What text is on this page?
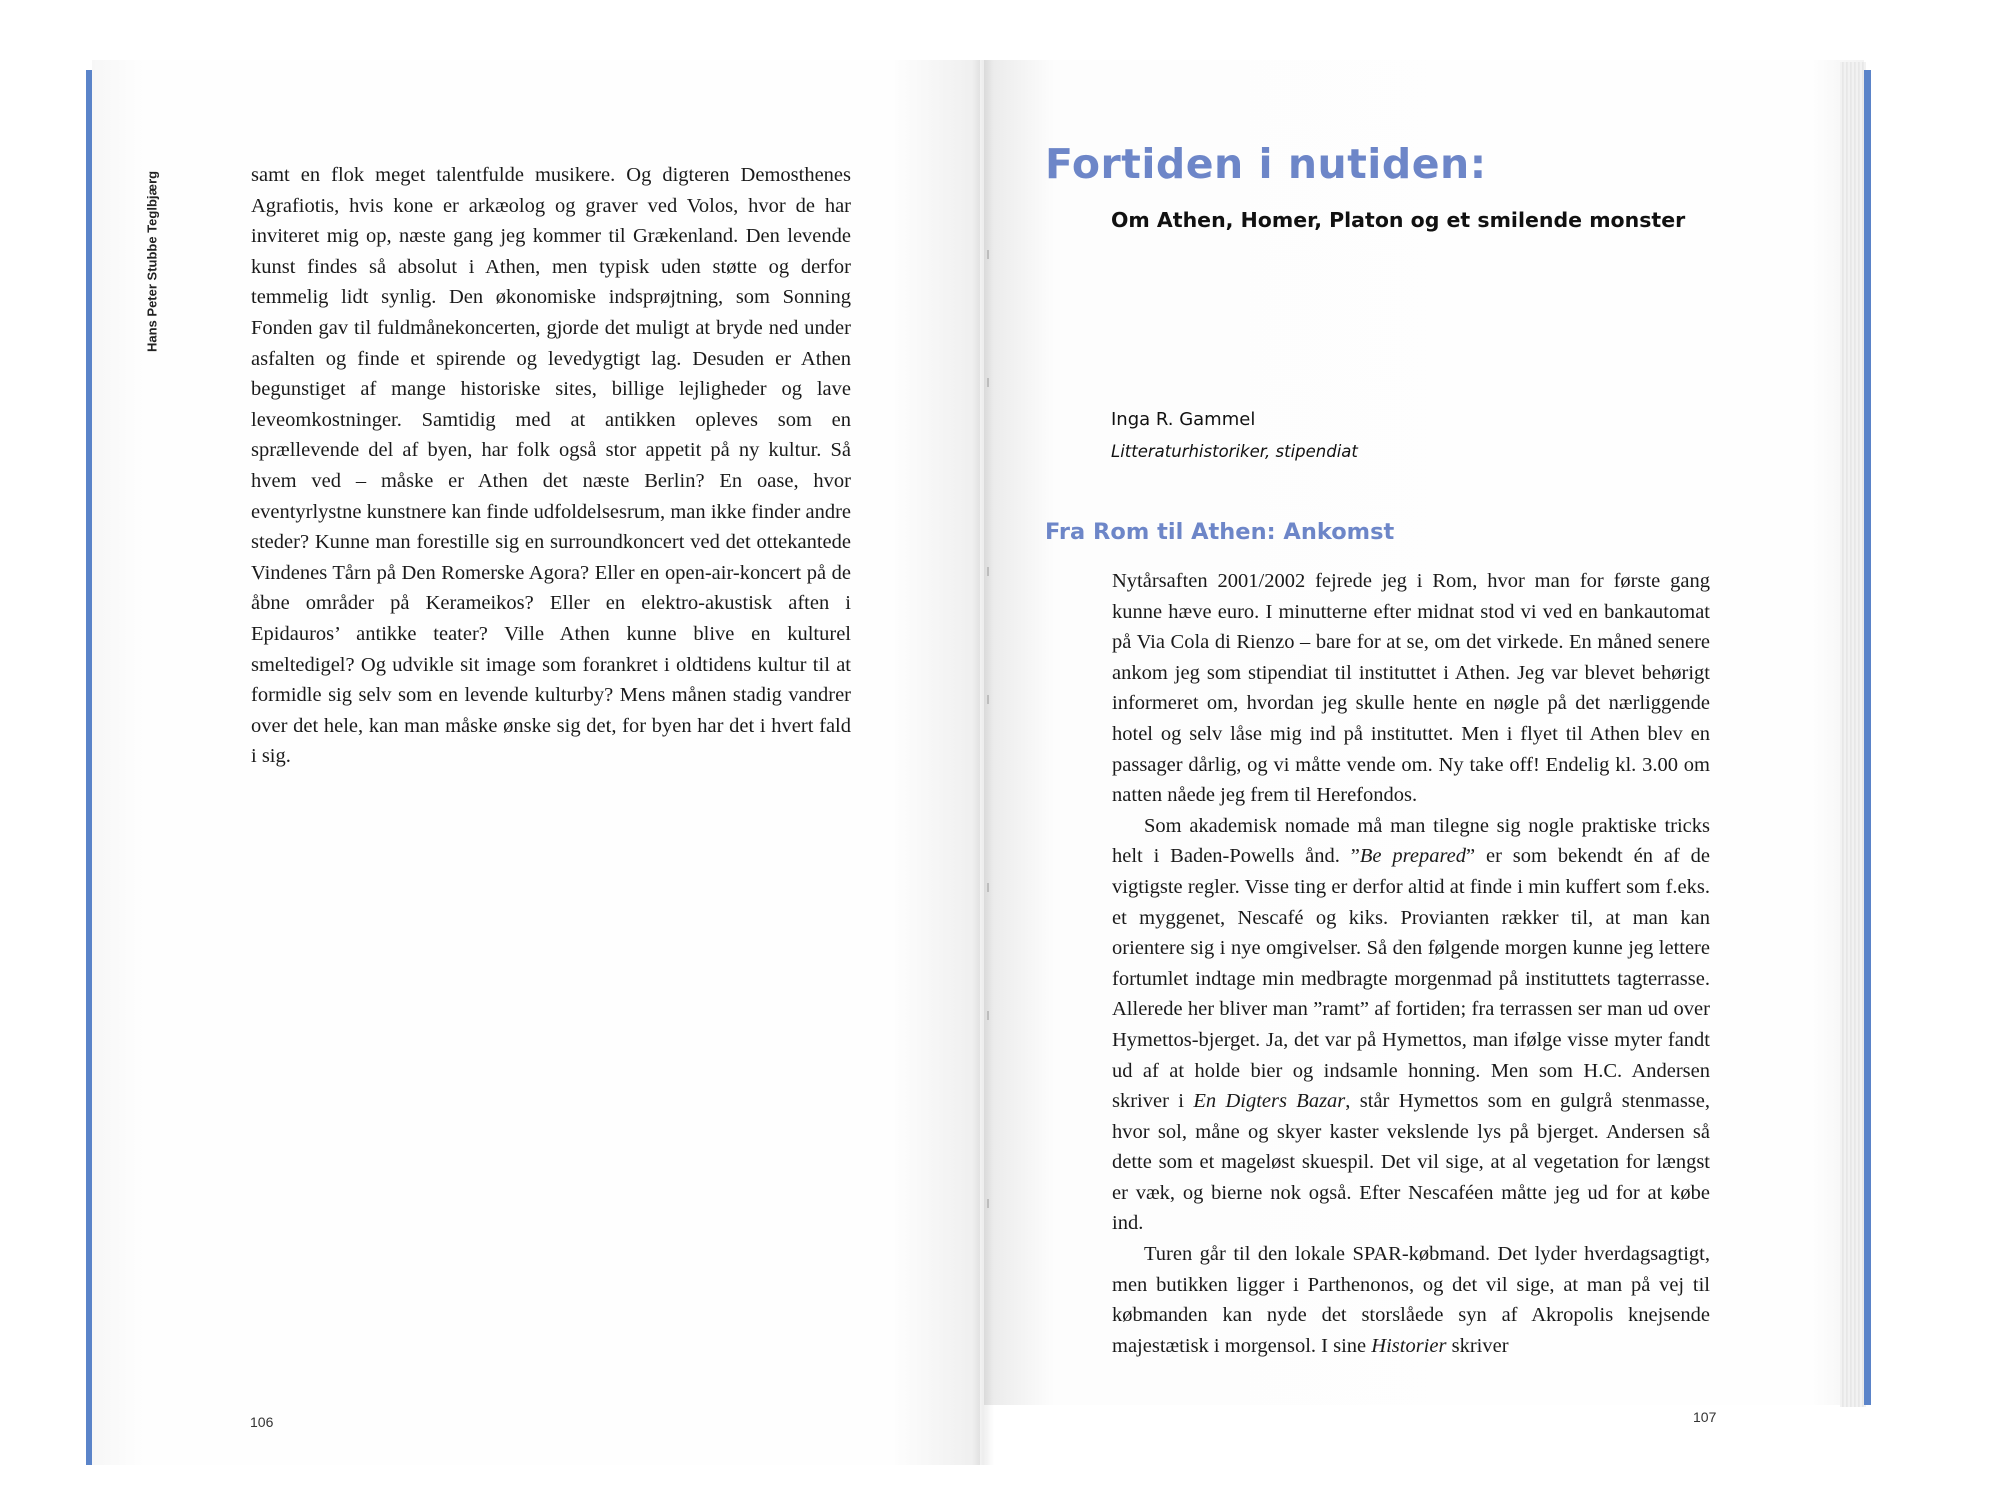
Hans Peter Stubbe Teglbjærg	samt en flok meget talentfulde musikere. Og digteren Demosthenes Agrafiotis, hvis kone er arkæolog og graver ved Volos, hvor de har inviteret mig op, næste gang jeg kommer til Grækenland. Den levende kunst findes så absolut i Athen, men typisk uden støtte og derfor temmelig lidt synlig. Den økonomiske indsprøjtning, som Sonning Fonden gav til fuldmånekoncerten, gjorde det muligt at bryde ned under asfalten og finde et spirende og levedygtigt lag. Desuden er Athen begunstiget af mange historiske sites, billige lejligheder og lave leveomkostninger. Samtidig med at antikken opleves som en sprællevende del af byen, har folk også stor appetit på ny kultur. Så hvem ved – måske er Athen det næste Berlin? En oase, hvor eventyrlystne kunstnere kan finde udfoldelsesrum, man ikke finder andre steder? Kunne man forestille sig en surroundkoncert ved det ottekantede Vindenes Tårn på Den Romerske Agora? Eller en open-air-koncert på de åbne områder på Kerameikos? Eller en elektro-akustisk aften i Epidauros’ antikke teater? Ville Athen kunne blive en kulturel smeltedigel? Og udvikle sit image som forankret i oldtidens kultur til at formidle sig selv som en levende kulturby? Mens månen stadig vandrer over det hele, kan man måske ønske sig det, for byen har det i hvert fald i sig.

106
Fortiden i nutiden:
Om Athen, Homer, Platon og et smilende monster
Inga R. Gammel
Litteraturhistoriker, stipendiat
Fra Rom til Athen: Ankomst

Nytårsaften 2001/2002 fejrede jeg i Rom, hvor man for første gang kunne hæve euro. I minutterne efter midnat stod vi ved en bankautomat på Via Cola di Rienzo – bare for at se, om det virkede. En måned senere ankom jeg som stipendiat til instituttet i Athen. Jeg var blevet behørigt informeret om, hvordan jeg skulle hente en nøgle på det nærliggende hotel og selv låse mig ind på instituttet. Men i flyet til Athen blev en passager dårlig, og vi måtte vende om. Ny take off! Endelig kl. 3.00 om natten nåede jeg frem til Herefondos.

Som akademisk nomade må man tilegne sig nogle praktiske tricks helt i Baden-Powells ånd. ”Be prepared” er som bekendt én af de vigtigste regler. Visse ting er derfor altid at finde i min kuffert som f.eks. et myggenet, Nescafé og kiks. Provianten rækker til, at man kan orientere sig i nye omgivelser. Så den følgende morgen kunne jeg lettere fortumlet indtage min medbragte morgenmad på instituttets tagterrasse. Allerede her bliver man ”ramt” af fortiden; fra terrassen ser man ud over Hymettos-bjerget. Ja, det var på Hymettos, man ifølge visse myter fandt ud af at holde bier og indsamle honning. Men som H.C. Andersen skriver i En Digters Bazar, står Hymettos som en gulgrå stenmasse, hvor sol, måne og skyer kaster vekslende lys på bjerget. Andersen så dette som et mageløst skuespil. Det vil sige, at al vegetation for længst er væk, og bierne nok også. Efter Nescaféen måtte jeg ud for at købe ind.

Turen går til den lokale SPAR-købmand. Det lyder hverdagsagtigt, men butikken ligger i Parthenonos, og det vil sige, at man på vej til købmanden kan nyde det storslåede syn af Akropolis knejsende majestætisk i morgensol. I sine Historier skriver

107
